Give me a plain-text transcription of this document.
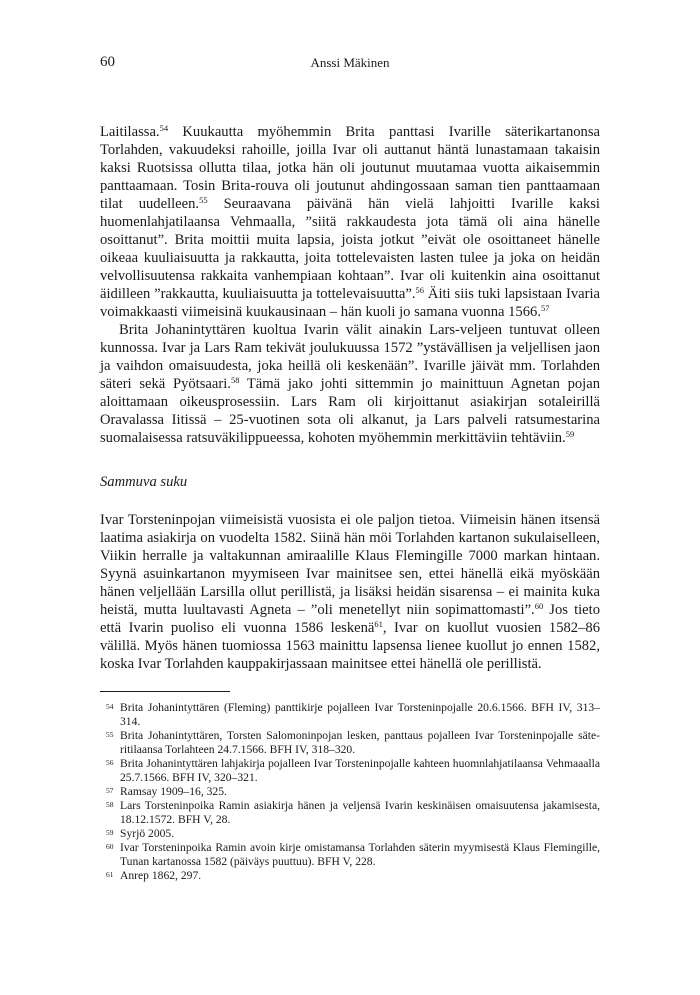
60	Anssi Mäkinen

Laitilassa.$^{54}$ Kuukautta myöhemmin Brita panttasi Ivarille säterikartanonsa Torlahden, vakuudeksi rahoille, joilla Ivar oli auttanut häntä lunastamaan takaisin kaksi Ruotsissa ollutta tilaa, jotka hän oli joutunut muutamaa vuotta aikaisemmin panttaamaan. Tosin Brita-rouva oli joutunut ahdingossaan saman tien panttaamaan tilat uudelleen.$^{55}$ Seuraavana päivänä hän vielä lahjoitti Ivarille kaksi huomenlahjatilaansa Vehmaalla, ”siitä rakkaudesta jota tämä oli aina hänelle osoittanut”. Brita moittii muita lapsia, joista jotkut ”eivät ole osoittaneet hänelle oikeaa kuuliaisuutta ja rakkautta, joita tottelevaisten lasten tulee ja joka on heidän velvollisuutensa rakkaita vanhempiaan kohtaan”. Ivar oli kuitenkin aina osoittanut äidilleen ”rakkautta, kuuliaisuutta ja tottelevaisuutta”.$^{56}$ Äiti siis tuki lapsistaan Ivaria voimakkaasti viimeisinä kuukausinaan – hän kuoli jo samana vuonna 1566.57

Brita Johanintyttären kuoltua Ivarin välit ainakin Lars-veljeen tuntuvat olleen kunnossa. Ivar ja Lars Ram tekivät joulukuussa 1572 ”ystävällisen ja veljellisen jaon ja vaihdon omaisuudesta, joka heillä oli keskenään”. Ivarille jäivät mm. Torlahden säteri sekä Pyötsaari.$^{58}$ Tämä jako johti sittemmin jo mainittuun Agnetan pojan aloittamaan oikeusprosessiin. Lars Ram oli kirjoittanut asiakirjan sotaleirillä Oravalassa Iitissä – 25-vuotinen sota oli alkanut, ja Lars palveli ratsumestarina suomalaisessa ratsuväkilippueessa, kohoten myöhemmin merkittäviin tehtäviin.$^{59}$

Sammuva suku

Ivar Torsteninpojan viimeisistä vuosista ei ole paljon tietoa. Viimeisin hänen itsensä laatima asiakirja on vuodelta 1582. Siinä hän möi Torlahden kartanon sukulaiselleen, Viikin herralle ja valtakunnan amiraalille Klaus Flemingille 7000 markan hintaan. Syynä asuinkartanon myymiseen Ivar mainitsee sen, ettei hänellä eikä myöskään hänen veljellään Larsilla ollut perillistä, ja lisäksi heidän sisarensa – ei mainita kuka heistä, mutta luultavasti Agneta – ”oli menetellyt niin sopimattomasti”.$^{60}$ Jos tieto että Ivarin puoliso eli vuonna 1586 leskenä$^{61}$, Ivar on kuollut vuosien 1582–86 välillä. Myös hänen tuomiossa 1563 mainittu lapsensa lienee kuollut jo ennen 1582, koska Ivar Torlahden kauppakirjassaan mainitsee ettei hänellä ole perillistä.

54 Brita Johanintyttären (Fleming) panttikirje pojalleen Ivar Torsteninpojalle 20.6.1566. BFH IV, 313–314.

55 Brita Johanintyttären, Torsten Salomoninpojan lesken, panttaus pojalleen Ivar Torsteninpojalle säteritilaansa Torlahteen 24.7.1566. BFH IV, 318–320.

56 Brita Johanintyttären lahjakirja pojalleen Ivar Torsteninpojalle kahteen huomnlahjatilaansa Vehmaaalla 25.7.1566. BFH IV, 320–321.

57 Ramsay 1909–16, 325.

58 Lars Torsteninpoika Ramin asiakirja hänen ja veljensä Ivarin keskinäisen omaisuutensa jakamisesta, 18.12.1572. BFH V, 28.

59 Syrjö 2005.

60 Ivar Torsteninpoika Ramin avoin kirje omistamansa Torlahden säterin myymisestä Klaus Flemingille, Tunan kartanossa 1582 (päiväys puuttuu). BFH V, 228.

61 Anrep 1862, 297.
